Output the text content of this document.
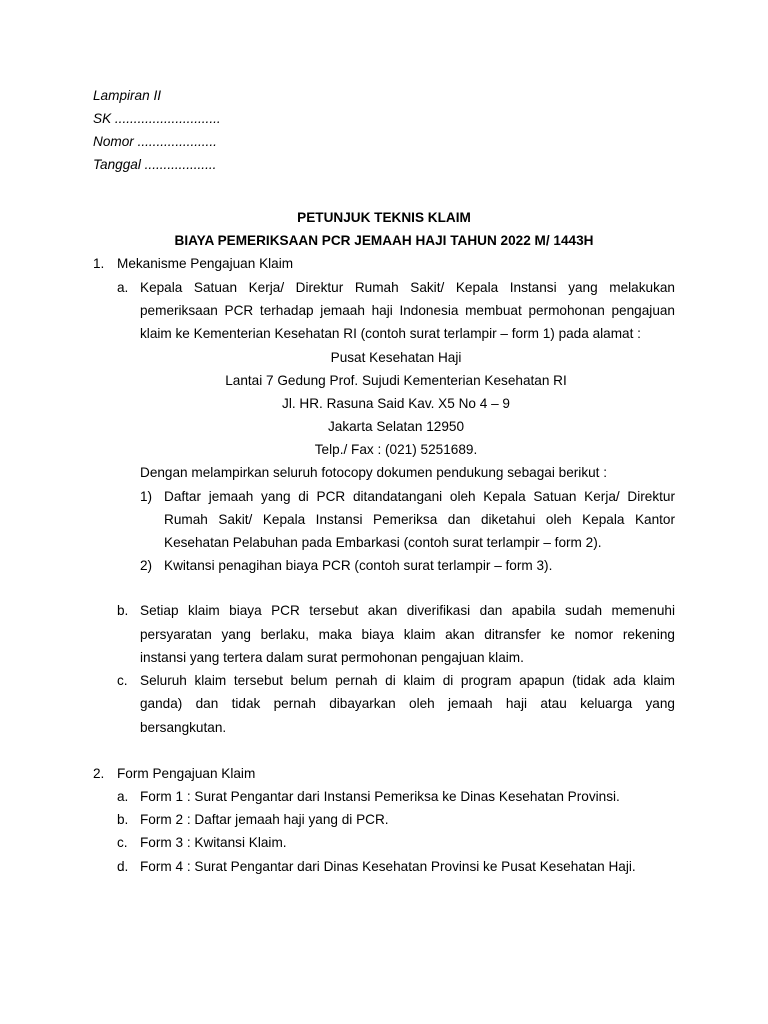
Lampiran II
SK ............................
Nomor .....................
Tanggal ...................
PETUNJUK TEKNIS KLAIM
BIAYA PEMERIKSAAN PCR JEMAAH HAJI TAHUN 2022 M/ 1443H
1. Mekanisme Pengajuan Klaim
a. Kepala Satuan Kerja/ Direktur Rumah Sakit/ Kepala Instansi yang melakukan
pemeriksaan PCR terhadap jemaah haji Indonesia membuat permohonan pengajuan
klaim ke Kementerian Kesehatan RI (contoh surat terlampir – form 1) pada alamat :
Pusat Kesehatan Haji
Lantai 7 Gedung Prof. Sujudi Kementerian Kesehatan RI
Jl. HR. Rasuna Said Kav. X5 No 4 – 9
Jakarta Selatan 12950
Telp./ Fax : (021) 5251689.
Dengan melampirkan seluruh fotocopy dokumen pendukung sebagai berikut :
1) Daftar jemaah yang di PCR ditandatangani oleh Kepala Satuan Kerja/ Direktur
Rumah Sakit/ Kepala Instansi Pemeriksa dan diketahui oleh Kepala Kantor
Kesehatan Pelabuhan pada Embarkasi (contoh surat terlampir – form 2).
2) Kwitansi penagihan biaya PCR (contoh surat terlampir – form 3).
b. Setiap klaim biaya PCR tersebut akan diverifikasi dan apabila sudah memenuhi
persyaratan yang berlaku, maka biaya klaim akan ditransfer ke nomor rekening
instansi yang tertera dalam surat permohonan pengajuan klaim.
c. Seluruh klaim tersebut belum pernah di klaim di program apapun (tidak ada klaim
ganda) dan tidak pernah dibayarkan oleh jemaah haji atau keluarga yang
bersangkutan.
2. Form Pengajuan Klaim
a. Form 1 : Surat Pengantar dari Instansi Pemeriksa ke Dinas Kesehatan Provinsi.
b. Form 2 : Daftar jemaah haji yang di PCR.
c. Form 3 : Kwitansi Klaim.
d. Form 4 : Surat Pengantar dari Dinas Kesehatan Provinsi ke Pusat Kesehatan Haji.
